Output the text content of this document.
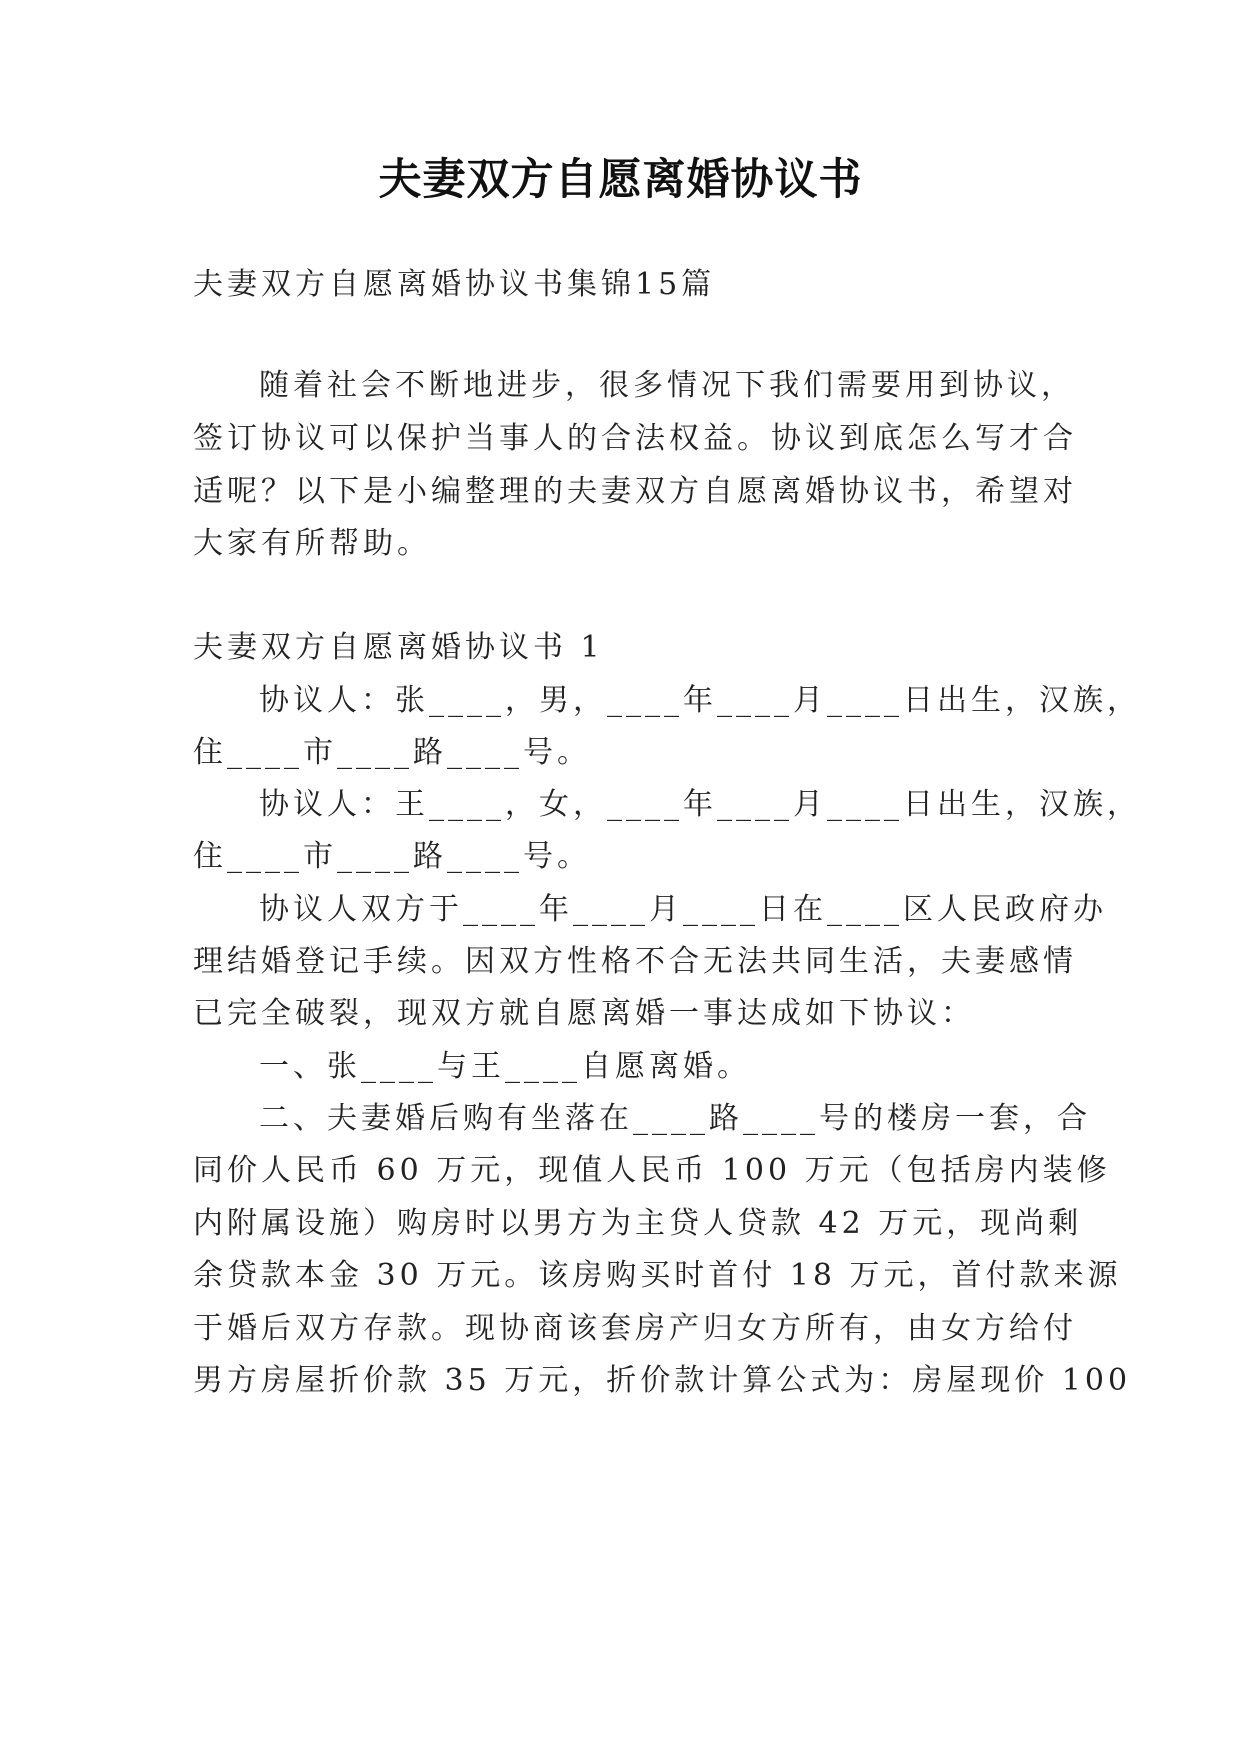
夫妻双方自愿离婚协议书
夫妻双方自愿离婚协议书集锦15篇
随着社会不断地进步，很多情况下我们需要用到协议，
签订协议可以保护当事人的合法权益。协议到底怎么写才合
适呢？以下是小编整理的夫妻双方自愿离婚协议书，希望对
大家有所帮助。
夫妻双方自愿离婚协议书 1
协议人：张____，男，____年____月____日出生，汉族，
住____市____路____号。
协议人：王____，女，____年____月____日出生，汉族，
住____市____路____号。
协议人双方于____年____月____日在____区人民政府办
理结婚登记手续。因双方性格不合无法共同生活，夫妻感情
已完全破裂，现双方就自愿离婚一事达成如下协议：
一、张____与王____自愿离婚。
二、夫妻婚后购有坐落在____路____号的楼房一套，合
同价人民币 60 万元，现值人民币 100 万元（包括房内装修
内附属设施）购房时以男方为主贷人贷款 42 万元，现尚剩
余贷款本金 30 万元。该房购买时首付 18 万元，首付款来源
于婚后双方存款。现协商该套房产归女方所有，由女方给付
男方房屋折价款 35 万元，折价款计算公式为：房屋现价 100
